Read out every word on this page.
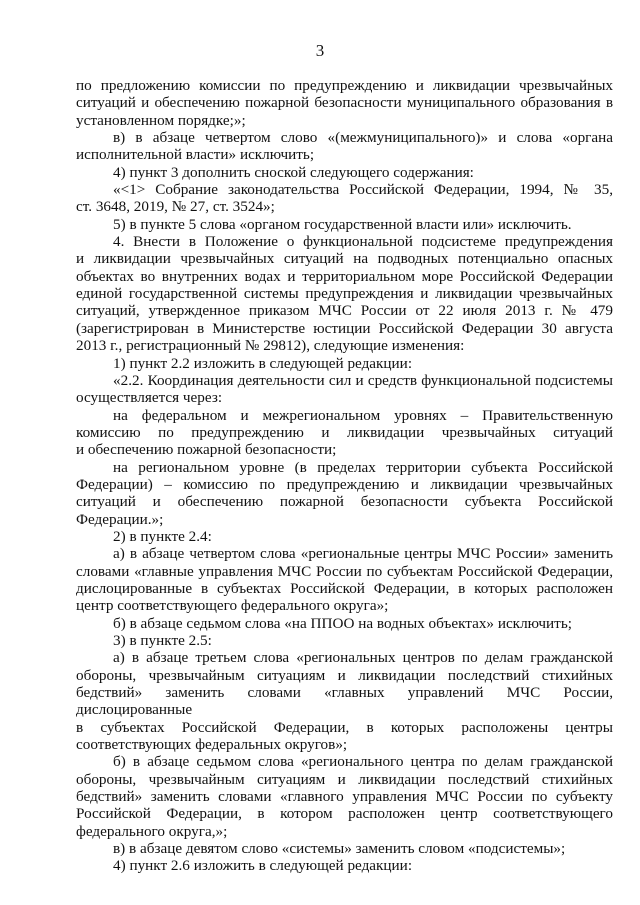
3
по предложению комиссии по предупреждению и ликвидации чрезвычайных
ситуаций и обеспечению пожарной безопасности муниципального образования в
установленном порядке;»;
в) в абзаце четвертом слово «(межмуниципального)» и слова «органа
исполнительной власти» исключить;
4) пункт 3 дополнить сноской следующего содержания:
«<1> Собрание законодательства Российской Федерации, 1994, № 35,
ст. 3648, 2019, № 27, ст. 3524»;
5) в пункте 5 слова «органом государственной власти или» исключить.
4. Внести в Положение о функциональной подсистеме предупреждения
и ликвидации чрезвычайных ситуаций на подводных потенциально опасных
объектах во внутренних водах и территориальном море Российской Федерации
единой государственной системы предупреждения и ликвидации чрезвычайных
ситуаций, утвержденное приказом МЧС России от 22 июля 2013 г. № 479
(зарегистрирован в Министерстве юстиции Российской Федерации 30 августа
2013 г., регистрационный № 29812), следующие изменения:
1) пункт 2.2 изложить в следующей редакции:
«2.2. Координация деятельности сил и средств функциональной подсистемы
осуществляется через:
на федеральном и межрегиональном уровнях – Правительственную
комиссию по предупреждению и ликвидации чрезвычайных ситуаций
и обеспечению пожарной безопасности;
на региональном уровне (в пределах территории субъекта Российской
Федерации) – комиссию по предупреждению и ликвидации чрезвычайных
ситуаций и обеспечению пожарной безопасности субъекта Российской
Федерации.»;
2) в пункте 2.4:
а) в абзаце четвертом слова «региональные центры МЧС России» заменить
словами «главные управления МЧС России по субъектам Российской Федерации,
дислоцированные в субъектах Российской Федерации, в которых расположен
центр соответствующего федерального округа»;
б) в абзаце седьмом слова «на ППОО на водных объектах» исключить;
3) в пункте 2.5:
а) в абзаце третьем слова «региональных центров по делам гражданской
обороны, чрезвычайным ситуациям и ликвидации последствий стихийных
бедствий» заменить словами «главных управлений МЧС России, дислоцированные
в субъектах Российской Федерации, в которых расположены центры
соответствующих федеральных округов»;
б) в абзаце седьмом слова «регионального центра по делам гражданской
обороны, чрезвычайным ситуациям и ликвидации последствий стихийных
бедствий» заменить словами «главного управления МЧС России по субъекту
Российской Федерации, в котором расположен центр соответствующего
федерального округа,»;
в) в абзаце девятом слово «системы» заменить словом «подсистемы»;
4) пункт 2.6 изложить в следующей редакции:
